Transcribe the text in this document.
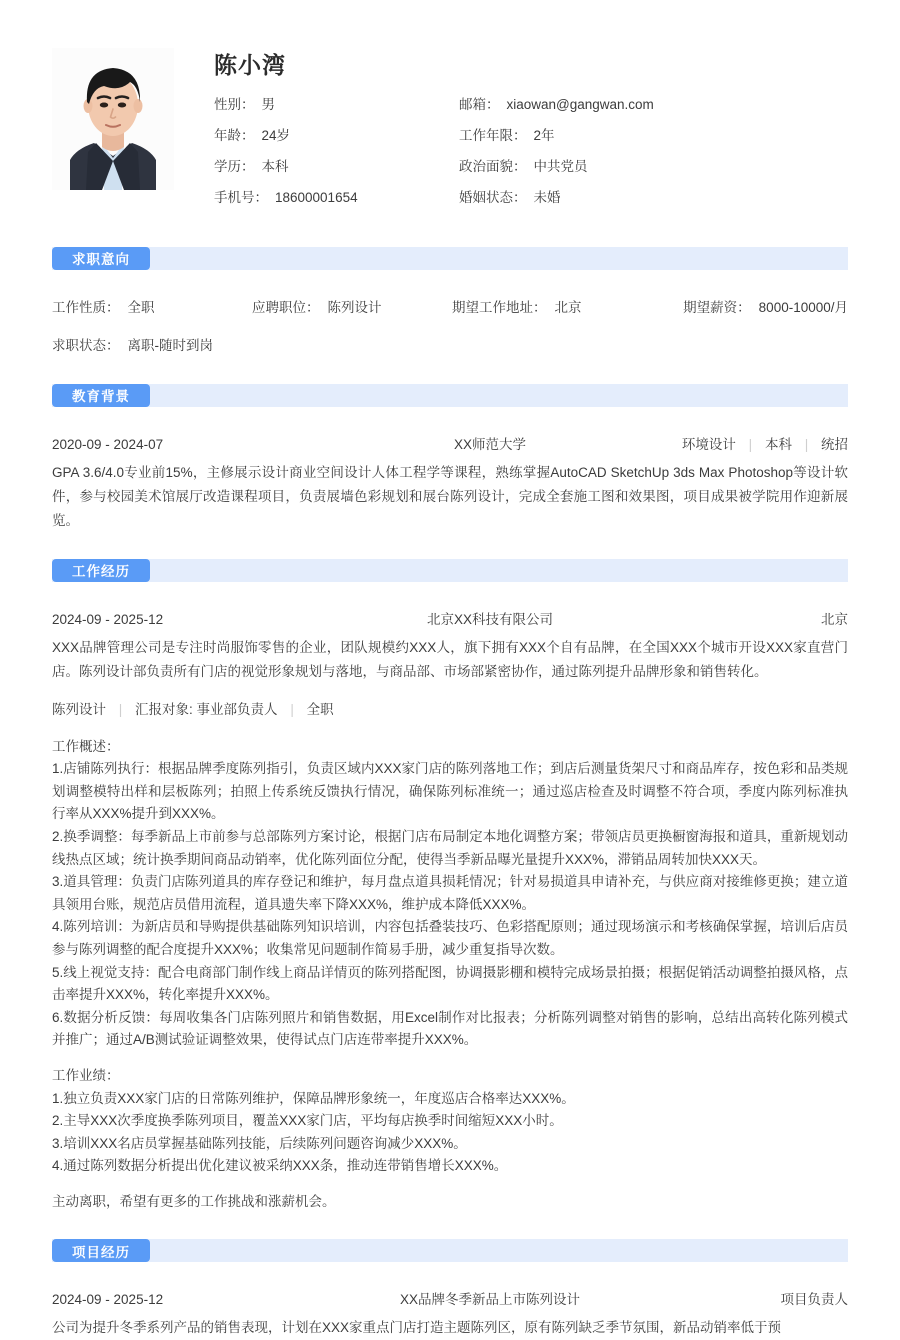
陈小湾
性别： 男	邮箱： xiaowan@gangwan.com
年龄： 24岁	工作年限： 2年
学历： 本科	政治面貌： 中共党员
手机号： 18600001654	婚姻状态： 未婚
求职意向
工作性质： 全职	应聘职位： 陈列设计	期望工作地址： 北京	期望薪资： 8000-10000/月
求职状态： 离职-随时到岗
教育背景
2020-09 - 2024-07	XX师范大学	环境设计 | 本科 | 统招
GPA 3.6/4.0专业前15%，主修展示设计商业空间设计人体工程学等课程，熟练掌握AutoCAD SketchUp 3ds Max Photoshop等设计软件，参与校园美术馆展厅改造课程项目，负责展墙色彩规划和展台陈列设计，完成全套施工图和效果图，项目成果被学院用作迎新展览。
工作经历
2024-09 - 2025-12	北京XX科技有限公司	北京
XXX品牌管理公司是专注时尚服饰零售的企业，团队规模约XXX人，旗下拥有XXX个自有品牌，在全国XXX个城市开设XXX家直营门店。陈列设计部负责所有门店的视觉形象规划与落地，与商品部、市场部紧密协作，通过陈列提升品牌形象和销售转化。
陈列设计 | 汇报对象: 事业部负责人 | 全职

工作概述：

1.店铺陈列执行：根据品牌季度陈列指引，负责区域内XXX家门店的陈列落地工作；到店后测量货架尺寸和商品库存，按色彩和品类规划调整模特出样和层板陈列；拍照上传系统反馈执行情况，确保陈列标准统一；通过巡店检查及时调整不符合项，季度内陈列标准执行率从XXX%提升到XXX%。

2.换季调整：每季新品上市前参与总部陈列方案讨论，根据门店布局制定本地化调整方案；带领店员更换橱窗海报和道具，重新规划动线热点区域；统计换季期间商品动销率，优化陈列面位分配，使得当季新品曝光量提升XXX%，滞销品周转加快XXX天。

3.道具管理：负责门店陈列道具的库存登记和维护，每月盘点道具损耗情况；针对易损道具申请补充，与供应商对接维修更换；建立道具领用台账，规范店员借用流程，道具遗失率下降XXX%，维护成本降低XXX%。

4.陈列培训：为新店员和导购提供基础陈列知识培训，内容包括叠装技巧、色彩搭配原则；通过现场演示和考核确保掌握，培训后店员参与陈列调整的配合度提升XXX%；收集常见问题制作简易手册，减少重复指导次数。

5.线上视觉支持：配合电商部门制作线上商品详情页的陈列搭配图，协调摄影棚和模特完成场景拍摄；根据促销活动调整拍摄风格，点击率提升XXX%，转化率提升XXX%。

6.数据分析反馈：每周收集各门店陈列照片和销售数据，用Excel制作对比报表；分析陈列调整对销售的影响，总结出高转化陈列模式并推广；通过A/B测试验证调整效果，使得试点门店连带率提升XXX%。

工作业绩：

1.独立负责XXX家门店的日常陈列维护，保障品牌形象统一，年度巡店合格率达XXX%。

2.主导XXX次季度换季陈列项目，覆盖XXX家门店，平均每店换季时间缩短XXX小时。

3.培训XXX名店员掌握基础陈列技能，后续陈列问题咨询减少XXX%。

4.通过陈列数据分析提出优化建议被采纳XXX条，推动连带销售增长XXX%。

主动离职，希望有更多的工作挑战和涨薪机会。

项目经历
2024-09 - 2025-12	XX品牌冬季新品上市陈列设计	项目负责人
公司为提升冬季系列产品的销售表现，计划在XXX家重点门店打造主题陈列区，原有陈列缺乏季节氛围，新品动销率低于预
